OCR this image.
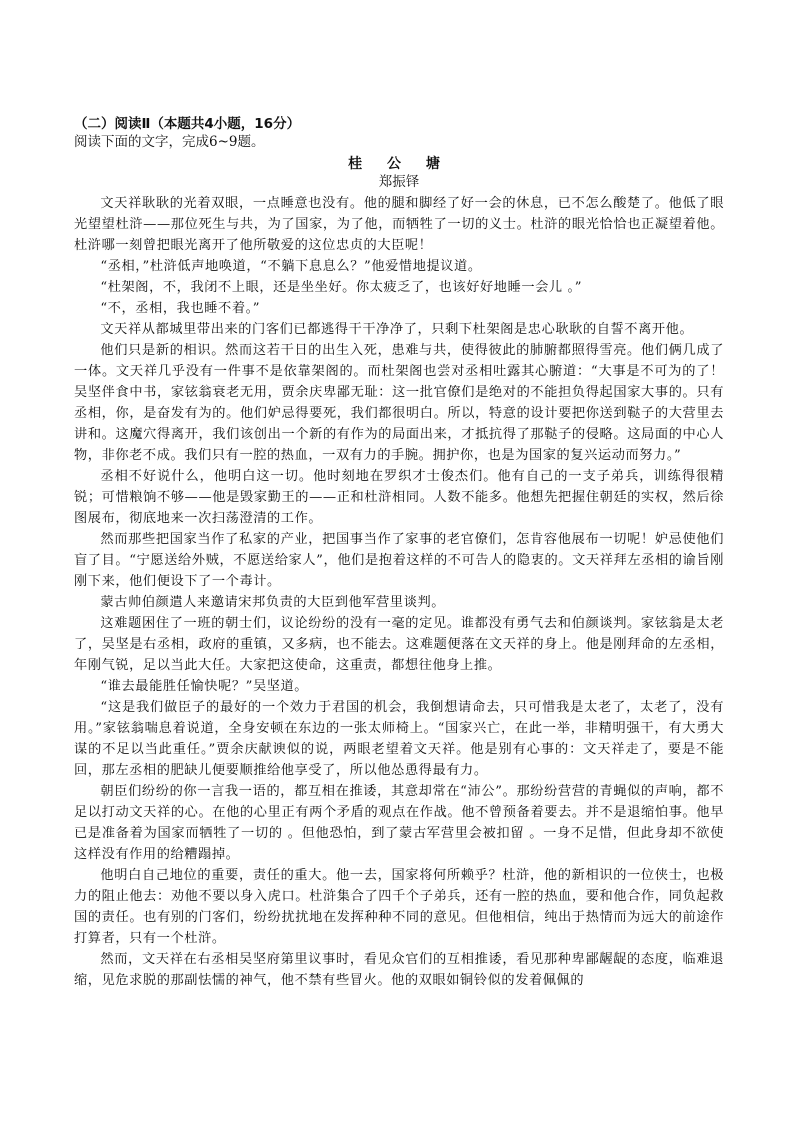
（二）阅读Ⅱ（本题共4小题，16分）
阅读下面的文字，完成6~9题。
桂 公 塘
郑振铎

文天祥耿耿的光着双眼，一点睡意也没有。他的腿和脚经了好一会的休息，已不怎么酸楚了。他低了眼光望望杜浒——那位死生与共，为了国家，为了他，而牺牲了一切的义士。杜浒的眼光恰恰也正凝望着他。杜浒哪一刻曾把眼光离开了他所敬爱的这位忠贞的大臣呢！

“丞相，”杜浒低声地唤道，“不躺下息息么？”他爱惜地提议道。

“杜架阁，不，我闭不上眼，还是坐坐好。你太疲乏了，也该好好地睡一会儿 。”

“不，丞相，我也睡不着。”

文天祥从都城里带出来的门客们已都逃得干干净净了，只剩下杜架阁是忠心耿耿的自誓不离开他。

他们只是新的相识。然而这若干日的出生入死，患难与共，使得彼此的肺腑都照得雪亮。他们俩几成了一体。文天祥几乎没有一件事不是依靠架阁的。而杜架阁也尝对丞相吐露其心腑道：“大事是不可为的了！吴坚伴食中书，家铉翁衰老无用，贾余庆卑鄙无耻：这一批官僚们是绝对的不能担负得起国家大事的。只有丞相，你，是奋发有为的。他们妒忌得要死，我们都很明白。所以，特意的设计要把你送到鞑子的大营里去讲和。这魔穴得离开，我们该创出一个新的有作为的局面出来，才抵抗得了那鞑子的侵略。这局面的中心人物，非你老不成。我们只有一腔的热血，一双有力的手腕。拥护你，也是为国家的复兴运动而努力。”

丞相不好说什么，他明白这一切。他时刻地在罗织才士俊杰们。他有自己的一支子弟兵，训练得很精锐；可惜粮饷不够——他是毁家勤王的——正和杜浒相同。人数不能多。他想先把握住朝廷的实权，然后徐图展布，彻底地来一次扫荡澄清的工作。

然而那些把国家当作了私家的产业，把国事当作了家事的老官僚们，怎肯容他展布一切呢！妒忌使他们盲了目。“宁愿送给外贼，不愿送给家人”，他们是抱着这样的不可告人的隐衷的。文天祥拜左丞相的谕旨刚刚下来，他们便设下了一个毒计。

蒙古帅伯颜遣人来邀请宋邦负责的大臣到他军营里谈判。

这难题困住了一班的朝士们，议论纷纷的没有一毫的定见。谁都没有勇气去和伯颜谈判。家铉翁是太老了，吴坚是右丞相，政府的重镇，又多病，也不能去。这难题便落在文天祥的身上。他是刚拜命的左丞相，年刚气锐，足以当此大任。大家把这使命，这重责，都想往他身上推。

“谁去最能胜任愉快呢？”吴坚道。

“这是我们做臣子的最好的一个效力于君国的机会，我倒想请命去，只可惜我是太老了，太老了，没有用。”家铉翁喘息着说道，全身安顿在东边的一张太师椅上。“国家兴亡，在此一举，非精明强干，有大勇大谋的不足以当此重任。”贾余庆献谀似的说，两眼老望着文天祥。他是别有心事的：文天祥走了，要是不能回，那左丞相的肥缺儿便要顺推给他享受了，所以他怂恿得最有力。

朝臣们纷纷的你一言我一语的，都互相在推诿，其意却常在“沛公”。那纷纷营营的青蝇似的声响，都不足以打动文天祥的心。在他的心里正有两个矛盾的观点在作战。他不曾预备着要去。并不是退缩怕事。他早已是准备着为国家而牺牲了一切的 。但他恐怕，到了蒙古军营里会被扣留 。一身不足惜，但此身却不欲使这样没有作用的给糟蹋掉。

他明白自己地位的重要，责任的重大。他一去，国家将何所赖乎？杜浒，他的新相识的一位侠士，也极力的阻止他去：劝他不要以身入虎口。杜浒集合了四千个子弟兵，还有一腔的热血，要和他合作，同负起救国的责任。也有别的门客们，纷纷扰扰地在发挥种种不同的意见。但他相信，纯出于热情而为远大的前途作打算者，只有一个杜浒。

然而，文天祥在右丞相吴坚府第里议事时，看见众官们的互相推诿，看见那种卑鄙龌龊的态度，临难退缩，见危求脱的那副怯懦的神气，他不禁有些冒火。他的双眼如铜铃似的发着佩佩的
